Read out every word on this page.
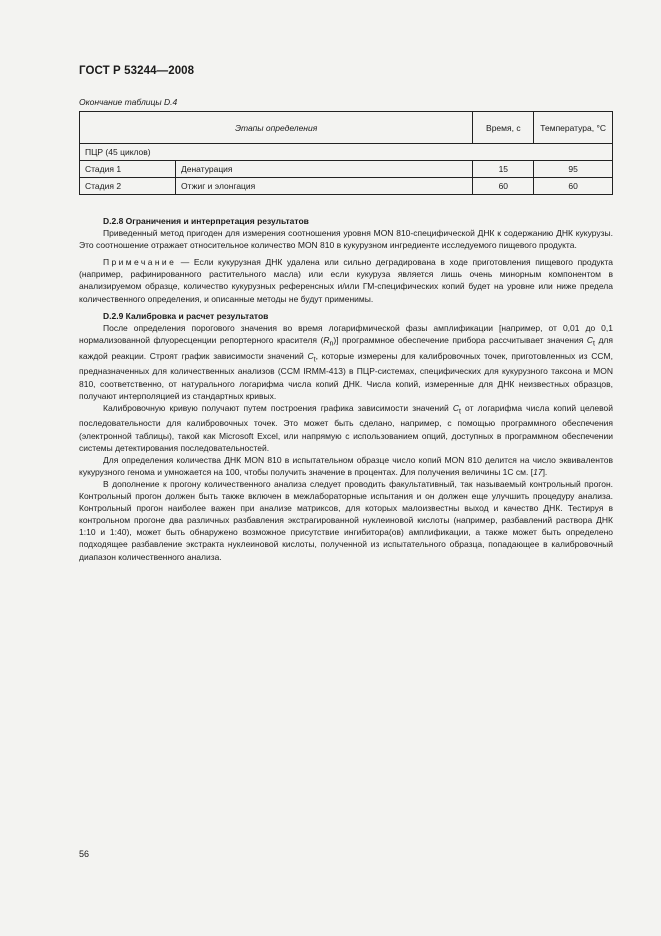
ГОСТ Р 53244—2008
Окончание таблицы D.4
Этапы определения		Время, с	Температура, °C
ПЦР (45 циклов)			
Стадия 1	Денатурация	15	95
Стадия 2	Отжиг и элонгация	60	60

D.2.8 Ограничения и интерпретация результатов

Приведенный метод пригоден для измерения соотношения уровня MON 810-специфической ДНК к содержанию ДНК кукурузы. Это соотношение отражает относительное количество MON 810 в кукурузном ингредиенте исследуемого пищевого продукта.

Примечание — Если кукурузная ДНК удалена или сильно деградирована в ходе приготовления пищевого продукта (например, рафинированного растительного масла) или если кукуруза является лишь очень минорным компонентом в анализируемом образце, количество кукурузных референсных и/или ГМ-специфических копий будет на уровне или ниже предела количественного определения, и описанные методы не будут применимы.

D.2.9 Калибровка и расчет результатов

После определения порогового значения во время логарифмической фазы амплификации [например, от 0,01 до 0,1 нормализованной флуоресценции репортерного красителя $(R_n)$] программное обеспечение прибора рассчитывает значения $C_t$ для каждой реакции. Строят график зависимости значений $C_t$, которые измерены для калибровочных точек, приготовленных из CCM, предназначенных для количественных анализов (CCM IRMM-413) в ПЦР-системах, специфических для кукурузного таксона и MON 810, соответственно, от натурального логарифма числа копий ДНК. Числа копий, измеренные для ДНК неизвестных образцов, получают интерполяцией из стандартных кривых.

Калибровочную кривую получают путем построения графика зависимости значений $C_t$ от логарифма числа копий целевой последовательности для калибровочных точек. Это может быть сделано, например, с помощью программного обеспечения (электронной таблицы), такой как Microsoft Excel, или напрямую с использованием опций, доступных в программном обеспечении системы детектирования последовательностей.

Для определения количества ДНК MON 810 в испытательном образце число копий MON 810 делится на число эквивалентов кукурузного генома и умножается на 100, чтобы получить значение в процентах. Для получения величины 1C см. [17].

В дополнение к прогону количественного анализа следует проводить факультативный, так называемый контрольный прогон. Контрольный прогон должен быть также включен в межлабораторные испытания и он должен еще улучшить процедуру анализа. Контрольный прогон наиболее важен при анализе матриксов, для которых малоизвестны выход и качество ДНК. Тестируя в контрольном прогоне два различных разбавления экстрагированной нуклеиновой кислоты (например, разбавлений раствора ДНК 1:10 и 1:40), может быть обнаружено возможное присутствие ингибитора(ов) амплификации, а также может быть определено подходящее разбавление экстракта нуклеиновой кислоты, полученной из испытательного образца, попадающее в калибровочный диапазон количественного анализа.

56
